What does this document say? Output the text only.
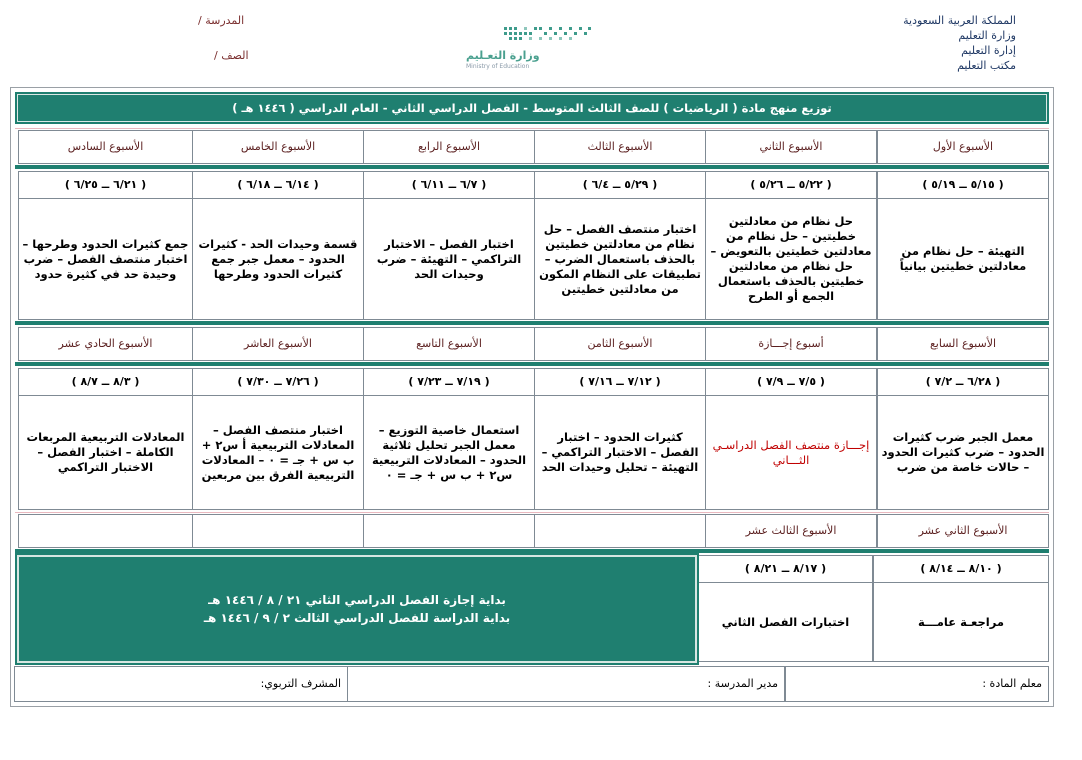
المملكة العربية السعودية
وزارة التعليم
إدارة التعليم
مكتب التعليم
المدرسة /
الصف /	وزارة التعـليم
Ministry of Education
توزيع منهج مادة ( الرياضيات ) للصف الثالث المتوسط - الفصل الدراسي الثاني - العام الدراسي ( ١٤٤٦ هـ )
الأسبوع الأول
الأسبوع الثاني
الأسبوع الثالث
الأسبوع الرابع
الأسبوع الخامس
الأسبوع السادس
( ٥/١٥ ــ ٥/١٩ )
( ٥/٢٢ ــ ٥/٢٦ )
( ٥/٢٩ ــ ٦/٤ )
( ٦/٧ ــ ٦/١١ )
( ٦/١٤ ــ ٦/١٨ )
( ٦/٢١ ــ ٦/٢٥ )
التهيئة – حل نظام من معادلتين خطيتين بيانياً
حل نظام من معادلتين خطيتين – حل نظام من معادلتين خطيتين بالتعويض – حل نظام من معادلتين خطيتين بالحذف باستعمال الجمع أو الطرح
اختبار منتصف الفصل – حل نظام من معادلتين خطيتين بالحذف باستعمال الضرب – تطبيقات على النظام المكون من معادلتين خطيتين
اختبار الفصل – الاختبار التراكمي – التهيئة – ضرب وحيدات الحد
قسمة وحيدات الحد - كثيرات الحدود – معمل جبر جمع كثيرات الحدود وطرحها
جمع كثيرات الحدود وطرحها – اختبار منتصف الفصل – ضرب وحيدة حد في كثيرة حدود
الأسبوع السابع
أسبوع إجـــازة
الأسبوع الثامن
الأسبوع التاسع
الأسبوع العاشر
الأسبوع الحادي عشر
( ٦/٢٨ ــ ٧/٢ )
( ٧/٥ ــ ٧/٩ )
( ٧/١٢ ــ ٧/١٦ )
( ٧/١٩ ــ ٧/٢٣ )
( ٧/٢٦ ــ ٧/٣٠ )
( ٨/٣ ــ ٨/٧ )
معمل الجبر ضرب كثيرات الحدود – ضرب كثيرات الحدود – حالات خاصة من ضرب
إجـــازة منتصف الفصل الدراسـي الثـــاني
كثيرات الحدود – اختبار الفصل – الاختبار التراكمي – التهيئة – تحليل وحيدات الحد
استعمال خاصية التوزيع – معمل الجبر تحليل ثلاثية الحدود – المعادلات التربيعية س٢ + ب س + جـ = ٠
اختبار منتصف الفصل – المعادلات التربيعية أ س٢ + ب س + جـ = ٠ – المعادلات التربيعية الفرق بين مربعين
المعادلات التربيعية المربعات الكاملة – اختبار الفصل – الاختبار التراكمي
الأسبوع الثاني عشر
الأسبوع الثالث عشر
( ٨/١٠ ــ ٨/١٤ )
( ٨/١٧ ــ ٨/٢١ )
مراجعـة عامـــة
اختبارات الفصل الثاني
بداية إجازة الفصل الدراسي الثاني ٢١ / ٨ / ١٤٤٦ هـ
بداية الدراسة للفصل الدراسي الثالث ٢ / ٩ / ١٤٤٦ هـ
معلم المادة :
مدير المدرسة :
المشرف التربوي:
